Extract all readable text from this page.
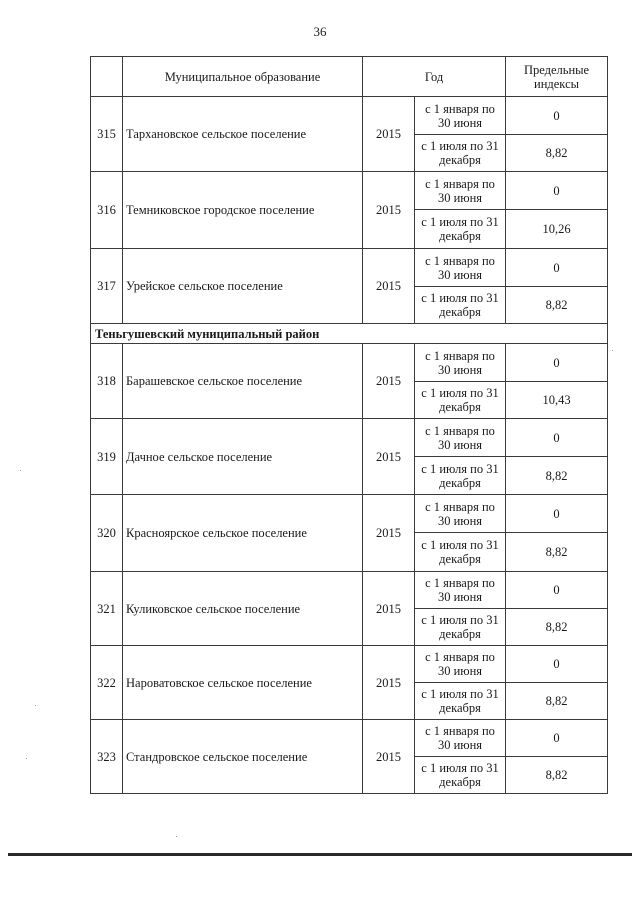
36
	Муниципальное образование	Год		Предельные индексы
315	Тархановское сельское поселение	2015	с 1 января по 30 июня	0
			с 1 июля по 31 декабря	8,82
316	Темниковское городское поселение	2015	с 1 января по 30 июня	0
			с 1 июля по 31 декабря	10,26
317	Урейское сельское поселение	2015	с 1 января по 30 июня	0
			с 1 июля по 31 декабря	8,82
Теньгушевский муниципальный район				
318	Барашевское сельское поселение	2015	с 1 января по 30 июня	0
			с 1 июля по 31 декабря	10,43
319	Дачное сельское поселение	2015	с 1 января по 30 июня	0
			с 1 июля по 31 декабря	8,82
320	Красноярское сельское поселение	2015	с 1 января по 30 июня	0
			с 1 июля по 31 декабря	8,82
321	Куликовское сельское поселение	2015	с 1 января по 30 июня	0
			с 1 июля по 31 декабря	8,82
322	Нароватовское сельское поселение	2015	с 1 января по 30 июня	0
			с 1 июля по 31 декабря	8,82
323	Стандровское сельское поселение	2015	с 1 января по 30 июня	0
			с 1 июля по 31 декабря	8,82
